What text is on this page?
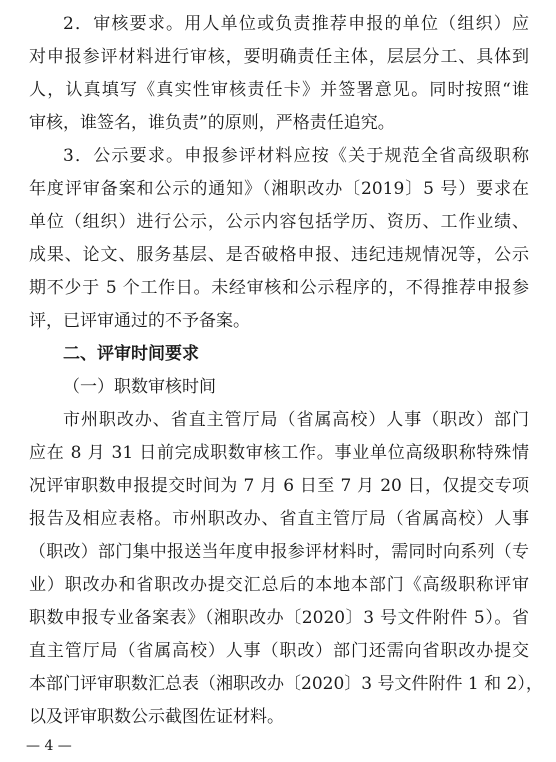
2．审核要求。用人单位或负责推荐申报的单位（组织）应
对申报参评材料进行审核，要明确责任主体，层层分工、具体到
人，认真填写《真实性审核责任卡》并签署意见。同时按照“谁
审核，谁签名，谁负责”的原则，严格责任追究。
3．公示要求。申报参评材料应按《关于规范全省高级职称
年度评审备案和公示的通知》（湘职改办〔2019〕5 号）要求在
单位（组织）进行公示，公示内容包括学历、资历、工作业绩、
成果、论文、服务基层、是否破格申报、违纪违规情况等，公示
期不少于 5 个工作日。未经审核和公示程序的，不得推荐申报参
评，已评审通过的不予备案。
二、评审时间要求
（一）职数审核时间
市州职改办、省直主管厅局（省属高校）人事（职改）部门
应在 8 月 31 日前完成职数审核工作。事业单位高级职称特殊情
况评审职数申报提交时间为 7 月 6 日至 7 月 20 日，仅提交专项
报告及相应表格。市州职改办、省直主管厅局（省属高校）人事
（职改）部门集中报送当年度申报参评材料时，需同时向系列（专
业）职改办和省职改办提交汇总后的本地本部门《高级职称评审
职数申报专业备案表》（湘职改办〔2020〕3 号文件附件 5）。省
直主管厅局（省属高校）人事（职改）部门还需向省职改办提交
本部门评审职数汇总表（湘职改办〔2020〕3 号文件附件 1 和 2），
以及评审职数公示截图佐证材料。
— 4 —
